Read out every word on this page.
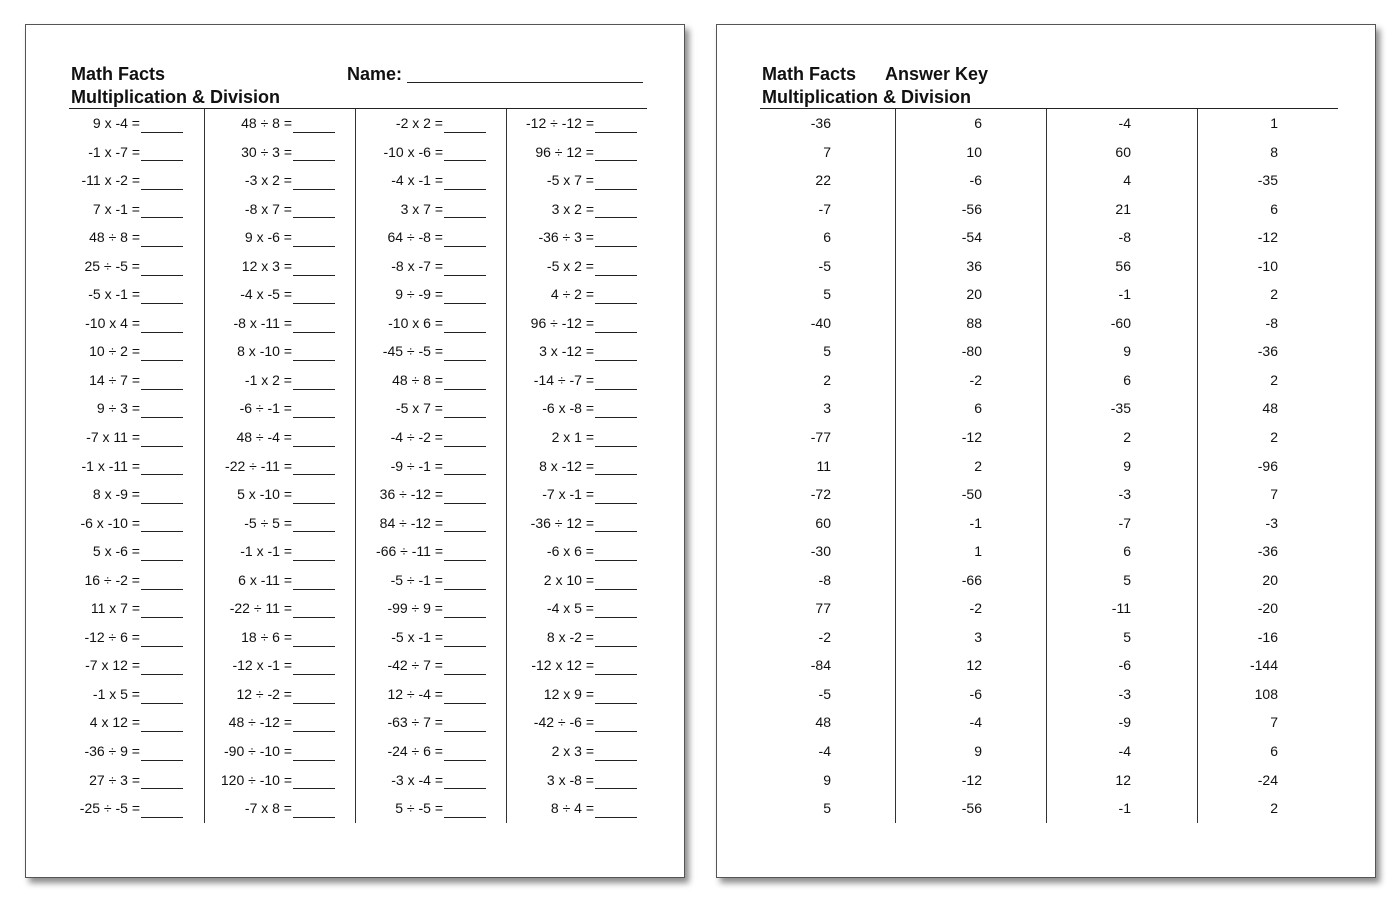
Math Facts
Multiplication & Division
Name:
9 x -4 =
-1 x -7 =
-11 x -2 =
7 x -1 =
48 ÷ 8 =
25 ÷ -5 =
-5 x -1 =
-10 x 4 =
10 ÷ 2 =
14 ÷ 7 =
9 ÷ 3 =
-7 x 11 =
-1 x -11 =
8 x -9 =
-6 x -10 =
5 x -6 =
16 ÷ -2 =
11 x 7 =
-12 ÷ 6 =
-7 x 12 =
-1 x 5 =
4 x 12 =
-36 ÷ 9 =
27 ÷ 3 =
-25 ÷ -5 =
48 ÷ 8 =
30 ÷ 3 =
-3 x 2 =
-8 x 7 =
9 x -6 =
12 x 3 =
-4 x -5 =
-8 x -11 =
8 x -10 =
-1 x 2 =
-6 ÷ -1 =
48 ÷ -4 =
-22 ÷ -11 =
5 x -10 =
-5 ÷ 5 =
-1 x -1 =
6 x -11 =
-22 ÷ 11 =
18 ÷ 6 =
-12 x -1 =
12 ÷ -2 =
48 ÷ -12 =
-90 ÷ -10 =
120 ÷ -10 =
-7 x 8 =
-2 x 2 =
-10 x -6 =
-4 x -1 =
3 x 7 =
64 ÷ -8 =
-8 x -7 =
9 ÷ -9 =
-10 x 6 =
-45 ÷ -5 =
48 ÷ 8 =
-5 x 7 =
-4 ÷ -2 =
-9 ÷ -1 =
36 ÷ -12 =
84 ÷ -12 =
-66 ÷ -11 =
-5 ÷ -1 =
-99 ÷ 9 =
-5 x -1 =
-42 ÷ 7 =
12 ÷ -4 =
-63 ÷ 7 =
-24 ÷ 6 =
-3 x -4 =
5 ÷ -5 =
-12 ÷ -12 =
96 ÷ 12 =
-5 x 7 =
3 x 2 =
-36 ÷ 3 =
-5 x 2 =
4 ÷ 2 =
96 ÷ -12 =
3 x -12 =
-14 ÷ -7 =
-6 x -8 =
2 x 1 =
8 x -12 =
-7 x -1 =
-36 ÷ 12 =
-6 x 6 =
2 x 10 =
-4 x 5 =
8 x -2 =
-12 x 12 =
12 x 9 =
-42 ÷ -6 =
2 x 3 =
3 x -8 =
8 ÷ 4 =
Math Facts Answer Key
Multiplication & Division
-36
7
22
-7
6
-5
5
-40
5
2
3
-77
11
-72
60
-30
-8
77
-2
-84
-5
48
-4
9
5
6
10
-6
-56
-54
36
20
88
-80
-2
6
-12
2
-50
-1
1
-66
-2
3
12
-6
-4
9
-12
-56
-4
60
4
21
-8
56
-1
-60
9
6
-35
2
9
-3
-7
6
5
-11
5
-6
-3
-9
-4
12
-1
1
8
-35
6
-12
-10
2
-8
-36
2
48
2
-96
7
-3
-36
20
-20
-16
-144
108
7
6
-24
2
